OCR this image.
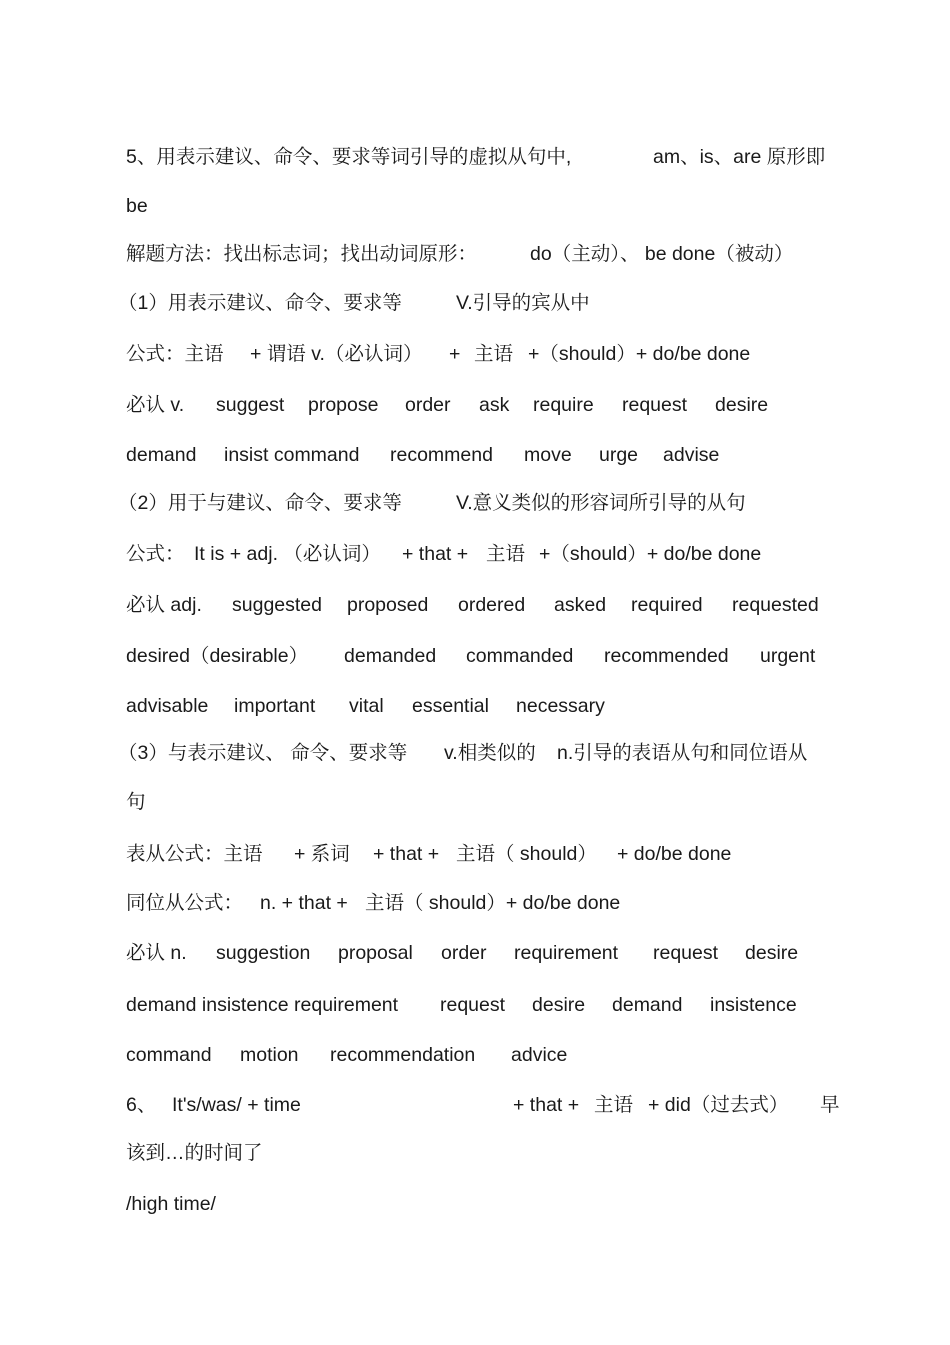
5、用表示建议、命令、要求等词引导的虚拟从句中,	am、is、are 原形即
be
解题方法：找出标志词；找出动词原形：	do（主动）、 be done（被动）
（1）用表示建议、命令、要求等	V.引导的宾从中
公式：主语 + 谓语 v.（必认词） + 主语 +（should）+ do/be done
必认 v. suggest propose order ask require request desire
demand insist command recommend move urge advise
（2）用于与建议、命令、要求等	V.意义类似的形容词所引导的从句
公式： It is + adj. （必认词） + that + 主语 +（should）+ do/be done
必认 adj. suggested proposed ordered asked required requested
desired（desirable） demanded commanded recommended urgent
advisable important vital essential necessary
（3）与表示建议、 命令、要求等 v.相类似的 n.引导的表语从句和同位语从
句
表从公式：主语 + 系词 + that + 主语（ should） + do/be done
同位从公式： n. + that + 主语（ should）+ do/be done
必认 n. suggestion proposal order requirement request desire
demand insistence requirement request desire demand insistence
command motion recommendation advice
6、 It's/was/ + time	+ that + 主语 + did（过去式） 早
该到…的时间了
/high time/
